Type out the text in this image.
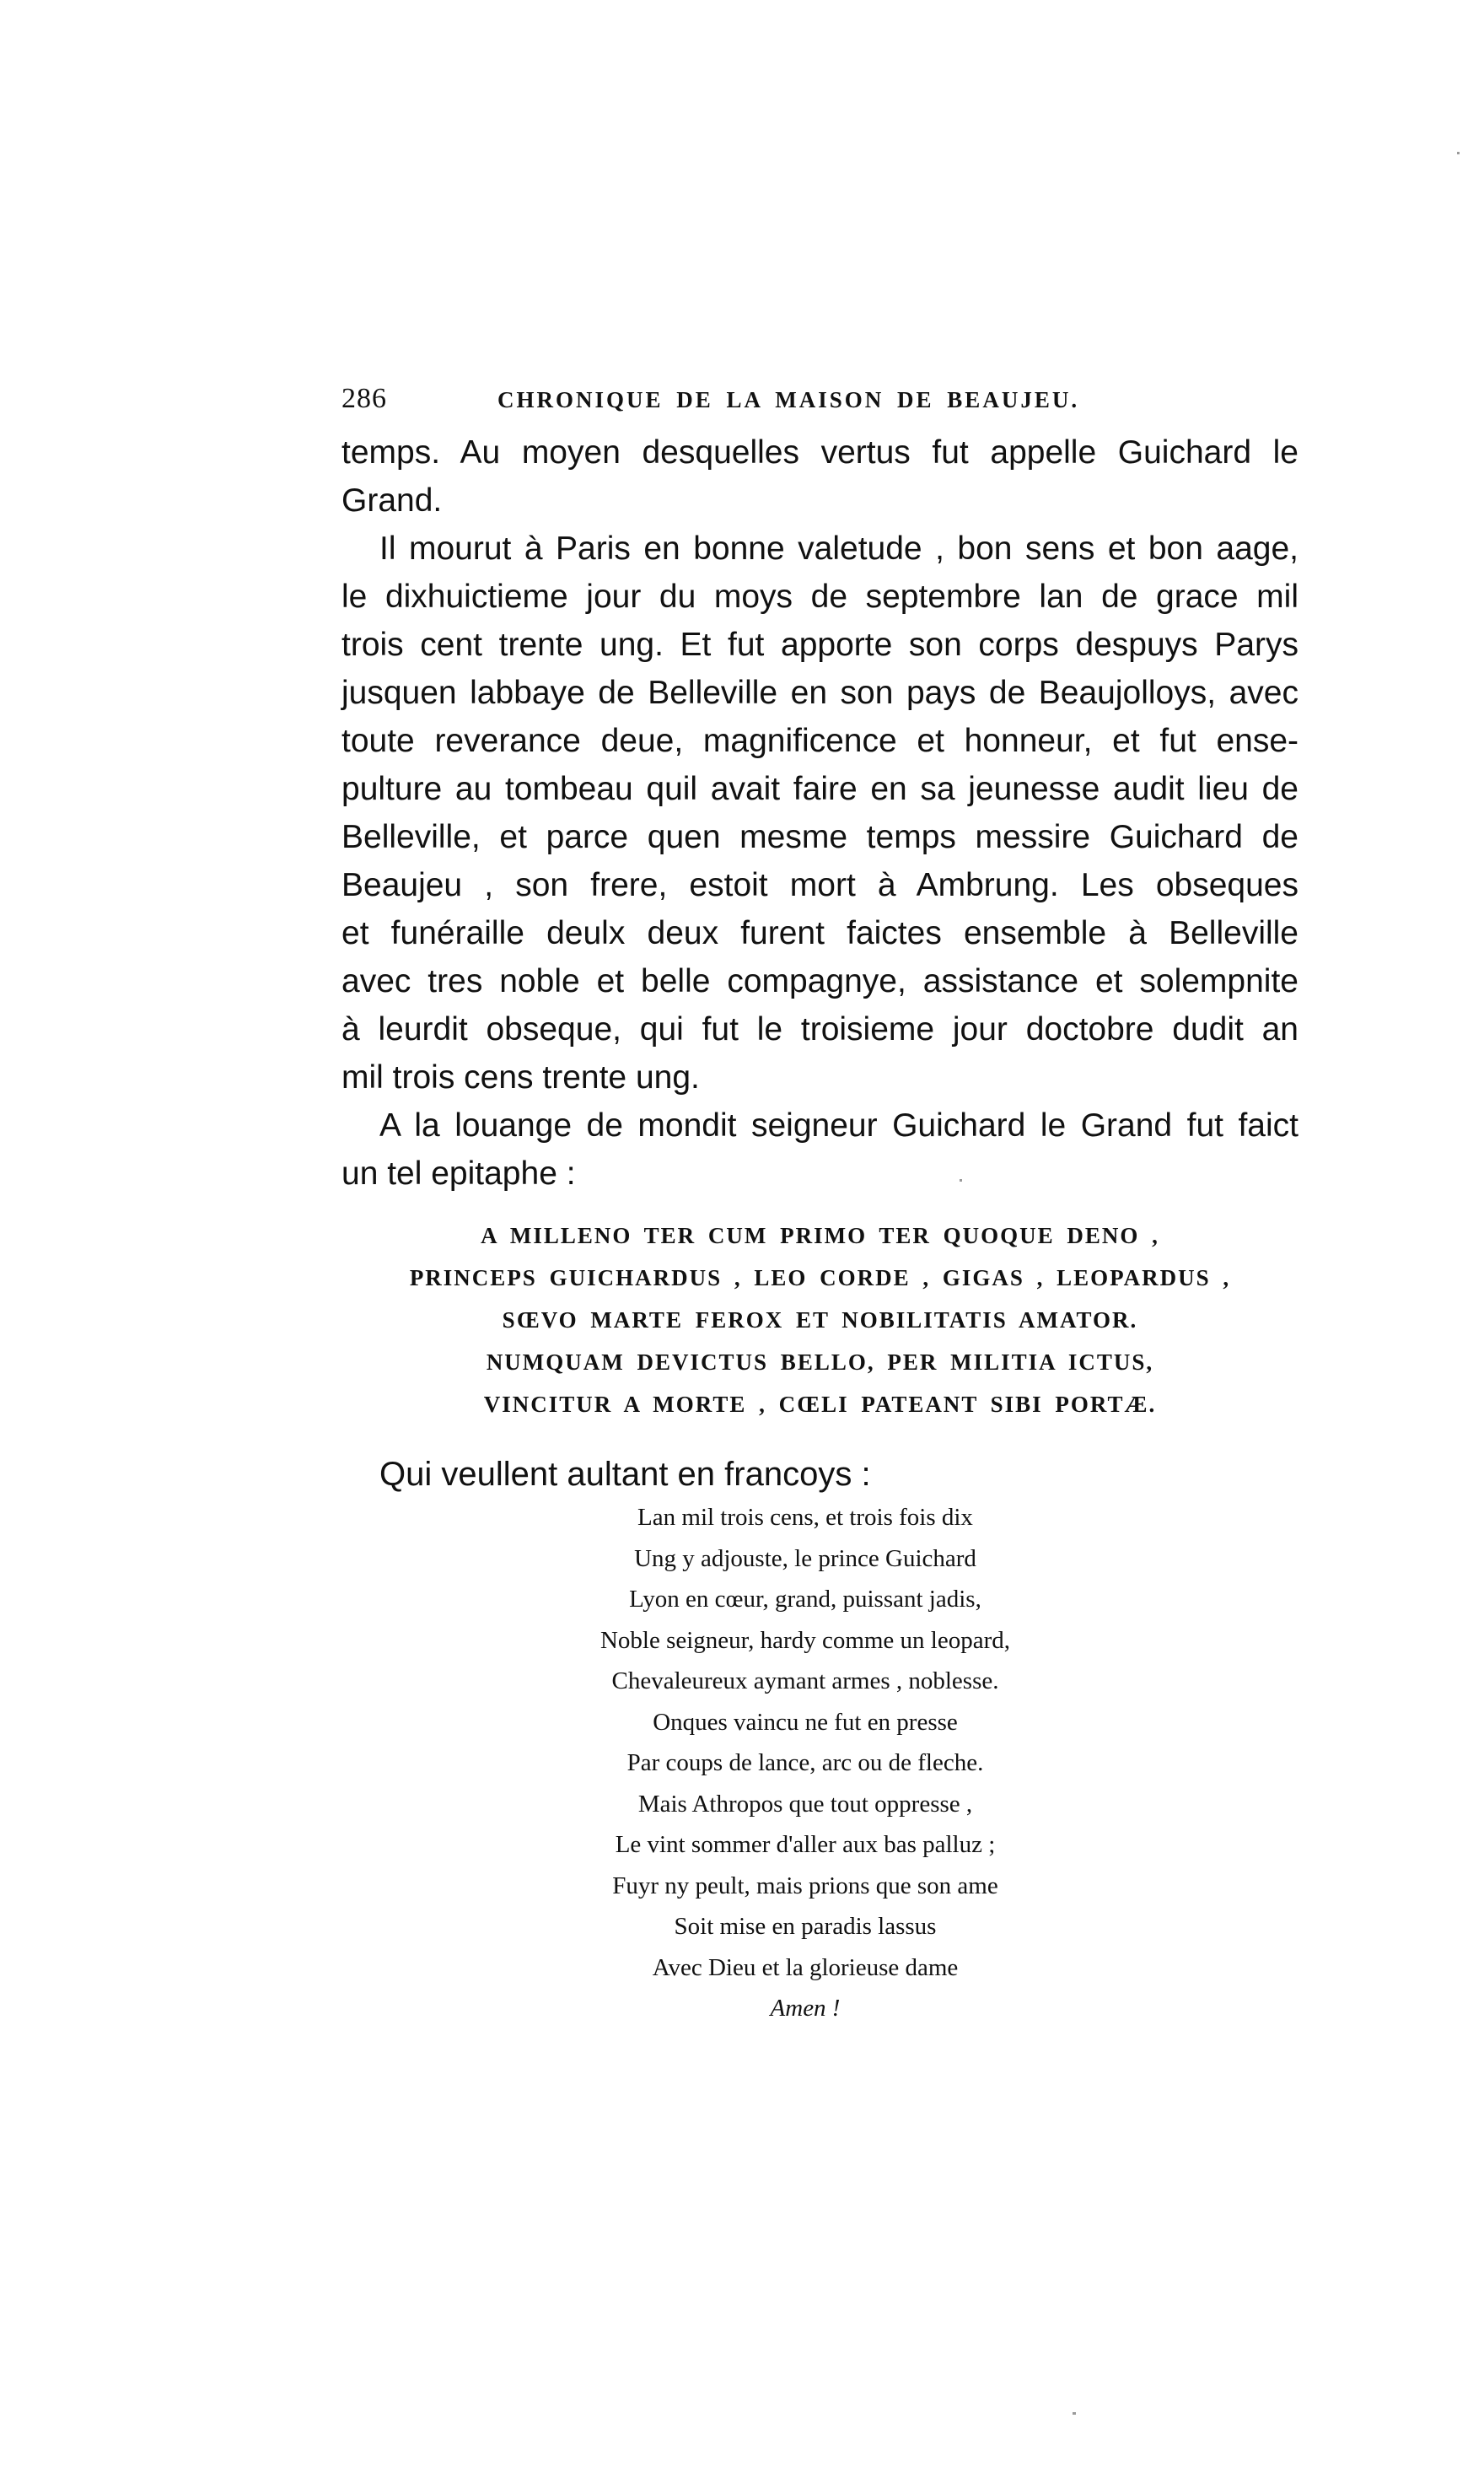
286	CHRONIQUE DE LA MAISON DE BEAUJEU.
temps. Au moyen desquelles vertus fut appelle Guichard le
Grand.
Il mourut à Paris en bonne valetude , bon sens et bon aage,
le dixhuictieme jour du moys de septembre lan de grace mil
trois cent trente ung. Et fut apporte son corps despuys Parys
jusquen labbaye de Belleville en son pays de Beaujolloys, avec
toute reverance deue, magnificence et honneur, et fut ense-
pulture au tombeau quil avait faire en sa jeunesse audit lieu de
Belleville, et parce quen mesme temps messire Guichard de
Beaujeu , son frere, estoit mort à Ambrung. Les obseques
et funéraille deulx deux furent faictes ensemble à Belleville
avec tres noble et belle compagnye, assistance et solempnite
à leurdit obseque, qui fut le troisieme jour doctobre dudit an
mil trois cens trente ung.
A la louange de mondit seigneur Guichard le Grand fut faict
un tel epitaphe :
A MILLENO TER CUM PRIMO TER QUOQUE DENO ,
PRINCEPS GUICHARDUS , LEO CORDE , GIGAS , LEOPARDUS ,
SŒVO MARTE FEROX ET NOBILITATIS AMATOR.
NUMQUAM DEVICTUS BELLO, PER MILITIA ICTUS,
VINCITUR A MORTE , CŒLI PATEANT SIBI PORTÆ.
Qui veullent aultant en francoys :
Lan mil trois cens, et trois fois dix
Ung y adjouste, le prince Guichard
Lyon en cœur, grand, puissant jadis,
Noble seigneur, hardy comme un leopard,
Chevaleureux aymant armes , noblesse.
Onques vaincu ne fut en presse
Par coups de lance, arc ou de fleche.
Mais Athropos que tout oppresse ,
Le vint sommer d'aller aux bas palluz ;
Fuyr ny peult, mais prions que son ame
Soit mise en paradis lassus
Avec Dieu et la glorieuse dame
Amen !
